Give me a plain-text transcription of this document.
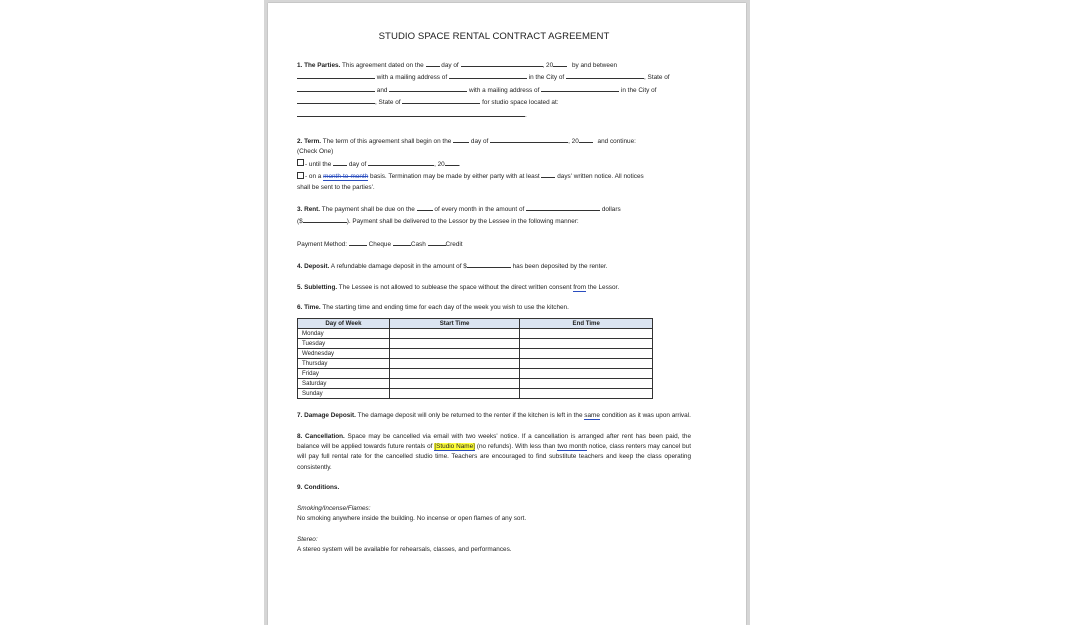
STUDIO SPACE RENTAL CONTRACT AGREEMENT
1. The Parties. This agreement dated on the	day of	, 20	by and between
with a mailing address of	in the City of	, State of
and	with a mailing address of	in the City of
, State of	for studio space located at:
.
2. Term. The term of this agreement shall begin on the	day of	, 20	and continue:
(Check One)
- until the	day of	, 20 .
- on a month-to-month basis. Termination may be made by either party with at least	days' written notice. All notices
shall be sent to the parties'.
3. Rent. The payment shall be due on the	of every month in the amount of	dollars
($	). Payment shall be delivered to the Lessor by the Lessee in the following manner:
Payment Method:	Cheque	Cash	Credit
4. Deposit. A refundable damage deposit in the amount of $	has been deposited by the renter.
5. Subletting. The Lessee is not allowed to sublease the space without the direct written consent from the Lessor.
6. Time. The starting time and ending time for each day of the week you wish to use the kitchen.
Day of Week	Start Time	End Time
Monday		
Tuesday		
Wednesday		
Thursday		
Friday		
Saturday		
Sunday		
7. Damage Deposit. The damage deposit will only be returned to the renter if the kitchen is left in the same condition as it was upon arrival.
8. Cancellation. Space may be cancelled via email with two weeks' notice. If a cancellation is arranged after rent has been paid, the balance will be applied towards future rentals of [Studio Name] (no refunds). With less than two month notice, class renters may cancel but will pay full rental rate for the cancelled studio time. Teachers are encouraged to find substitute teachers and keep the class operating consistently.
9. Conditions.
Smoking/Incense/Flames:
No smoking anywhere inside the building. No incense or open flames of any sort.
Stereo:
A stereo system will be available for rehearsals, classes, and performances.
